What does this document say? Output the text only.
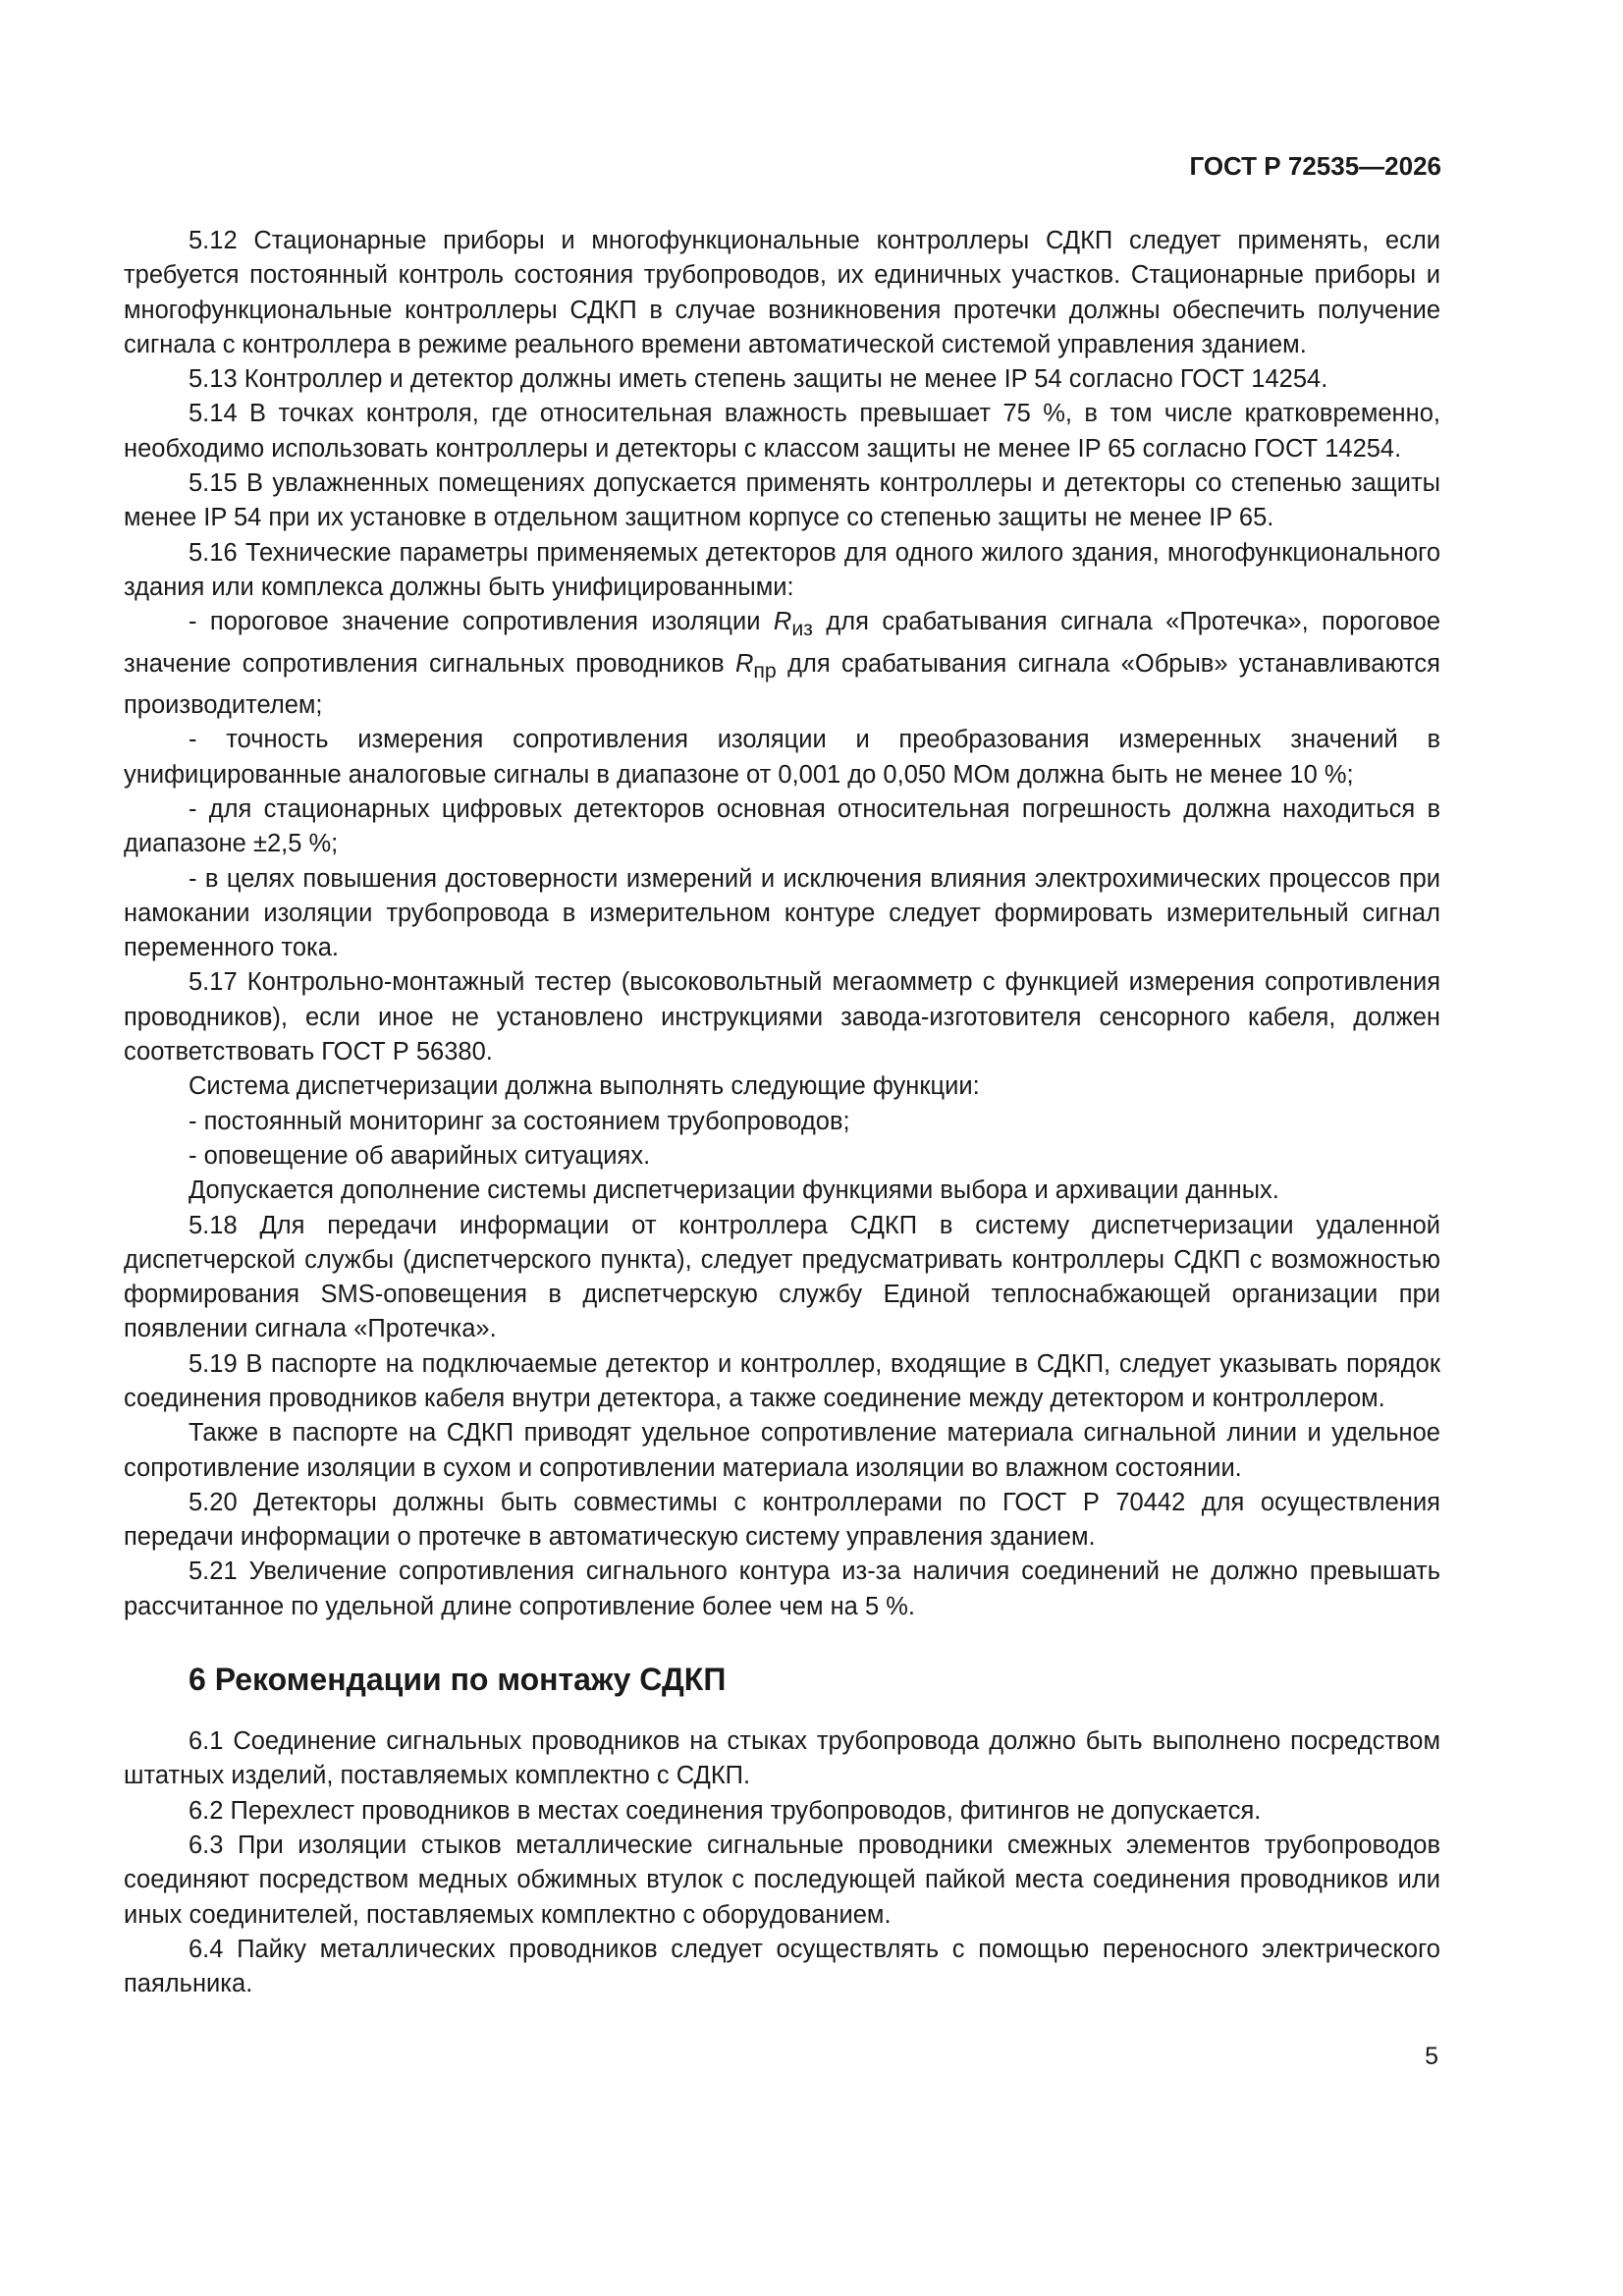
ГОСТ Р 72535—2026

5.12 Стационарные приборы и многофункциональные контроллеры СДКП следует применять, если требуется постоянный контроль состояния трубопроводов, их единичных участков. Стационарные приборы и многофункциональные контроллеры СДКП в случае возникновения протечки должны обеспечить получение сигнала с контроллера в режиме реального времени автоматической системой управления зданием.

5.13 Контроллер и детектор должны иметь степень защиты не менее IP 54 согласно ГОСТ 14254.

5.14 В точках контроля, где относительная влажность превышает 75 %, в том числе кратковременно, необходимо использовать контроллеры и детекторы с классом защиты не менее IP 65 согласно ГОСТ 14254.

5.15 В увлажненных помещениях допускается применять контроллеры и детекторы со степенью защиты менее IP 54 при их установке в отдельном защитном корпусе со степенью защиты не менее IP 65.

5.16 Технические параметры применяемых детекторов для одного жилого здания, многофункционального здания или комплекса должны быть унифицированными:

- пороговое значение сопротивления изоляции $R_{из}$ для срабатывания сигнала «Протечка», пороговое значение сопротивления сигнальных проводников $R_{пр}$ для срабатывания сигнала «Обрыв» устанавливаются производителем;

- точность измерения сопротивления изоляции и преобразования измеренных значений в унифицированные аналоговые сигналы в диапазоне от 0,001 до 0,050 МОм должна быть не менее 10 %;

- для стационарных цифровых детекторов основная относительная погрешность должна находиться в диапазоне ±2,5 %;

- в целях повышения достоверности измерений и исключения влияния электрохимических процессов при намокании изоляции трубопровода в измерительном контуре следует формировать измерительный сигнал переменного тока.

5.17 Контрольно-монтажный тестер (высоковольтный мегаомметр с функцией измерения сопротивления проводников), если иное не установлено инструкциями завода-изготовителя сенсорного кабеля, должен соответствовать ГОСТ Р 56380.

Система диспетчеризации должна выполнять следующие функции:

- постоянный мониторинг за состоянием трубопроводов;

- оповещение об аварийных ситуациях.

Допускается дополнение системы диспетчеризации функциями выбора и архивации данных.

5.18 Для передачи информации от контроллера СДКП в систему диспетчеризации удаленной диспетчерской службы (диспетчерского пункта), следует предусматривать контроллеры СДКП с возможностью формирования SMS-оповещения в диспетчерскую службу Единой теплоснабжающей организации при появлении сигнала «Протечка».

5.19 В паспорте на подключаемые детектор и контроллер, входящие в СДКП, следует указывать порядок соединения проводников кабеля внутри детектора, а также соединение между детектором и контроллером.

Также в паспорте на СДКП приводят удельное сопротивление материала сигнальной линии и удельное сопротивление изоляции в сухом и сопротивлении материала изоляции во влажном состоянии.

5.20 Детекторы должны быть совместимы с контроллерами по ГОСТ Р 70442 для осуществления передачи информации о протечке в автоматическую систему управления зданием.

5.21 Увеличение сопротивления сигнального контура из-за наличия соединений не должно превышать рассчитанное по удельной длине сопротивление более чем на 5 %.

6 Рекомендации по монтажу СДКП

6.1 Соединение сигнальных проводников на стыках трубопровода должно быть выполнено посредством штатных изделий, поставляемых комплектно с СДКП.

6.2 Перехлест проводников в местах соединения трубопроводов, фитингов не допускается.

6.3 При изоляции стыков металлические сигнальные проводники смежных элементов трубопроводов соединяют посредством медных обжимных втулок с последующей пайкой места соединения проводников или иных соединителей, поставляемых комплектно с оборудованием.

6.4 Пайку металлических проводников следует осуществлять с помощью переносного электрического паяльника.

5
